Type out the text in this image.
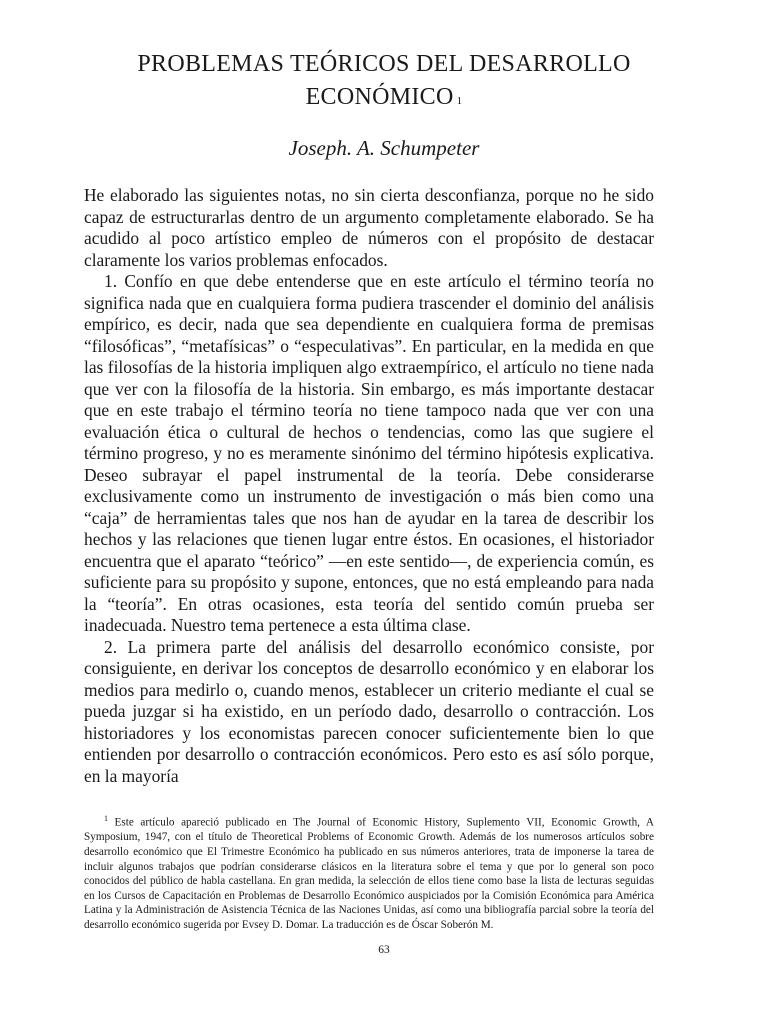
PROBLEMAS TEÓRICOS DEL DESARROLLO
ECONÓMICO $^1$
Joseph. A. Schumpeter

He elaborado las siguientes notas, no sin cierta desconfianza, porque no he sido capaz de estructurarlas dentro de un argumento completamente elaborado. Se ha acudido al poco artístico empleo de números con el propósito de destacar claramente los varios problemas enfocados.

1. Confío en que debe entenderse que en este artículo el término teoría no significa nada que en cualquiera forma pudiera trascender el dominio del análisis empírico, es decir, nada que sea dependiente en cualquiera forma de premisas “filosóficas”, “metafísicas” o “especulativas”. En particular, en la medida en que las filosofías de la historia impliquen algo extraempírico, el artículo no tiene nada que ver con la filosofía de la historia. Sin embargo, es más importante destacar que en este trabajo el término teoría no tiene tampoco nada que ver con una evaluación ética o cultural de hechos o tendencias, como las que sugiere el término progreso, y no es meramente sinónimo del término hipótesis explicativa. Deseo subrayar el papel instrumental de la teoría. Debe considerarse exclusivamente como un instrumento de investigación o más bien como una “caja” de herramientas tales que nos han de ayudar en la tarea de describir los hechos y las relaciones que tienen lugar entre éstos. En ocasiones, el historiador encuentra que el aparato “teórico” —en este sentido—, de experiencia común, es suficiente para su propósito y supone, entonces, que no está empleando para nada la “teoría”. En otras ocasiones, esta teoría del sentido común prueba ser inadecuada. Nuestro tema pertenece a esta última clase.

2. La primera parte del análisis del desarrollo económico consiste, por consiguiente, en derivar los conceptos de desarrollo económico y en elaborar los medios para medirlo o, cuando menos, establecer un criterio mediante el cual se pueda juzgar si ha existido, en un período dado, desarrollo o contracción. Los historiadores y los economistas parecen conocer suficientemente bien lo que entienden por desarrollo o contracción económicos. Pero esto es así sólo porque, en la mayoría

$^1$ Este artículo apareció publicado en The Journal of Economic History, Suplemento VII, Economic Growth, A Symposium, 1947, con el título de Theoretical Problems of Economic Growth. Además de los numerosos artículos sobre desarrollo económico que El Trimestre Económico ha publicado en sus números anteriores, trata de imponerse la tarea de incluir algunos trabajos que podrían considerarse clásicos en la literatura sobre el tema y que por lo general son poco conocidos del público de habla castellana. En gran medida, la selección de ellos tiene como base la lista de lecturas seguidas en los Cursos de Capacitación en Problemas de Desarrollo Económico auspiciados por la Comisión Económica para América Latina y la Administración de Asistencia Técnica de las Naciones Unidas, así como una bibliografía parcial sobre la teoría del desarrollo económico sugerida por Evsey D. Domar. La traducción es de Óscar Soberón M.

63
